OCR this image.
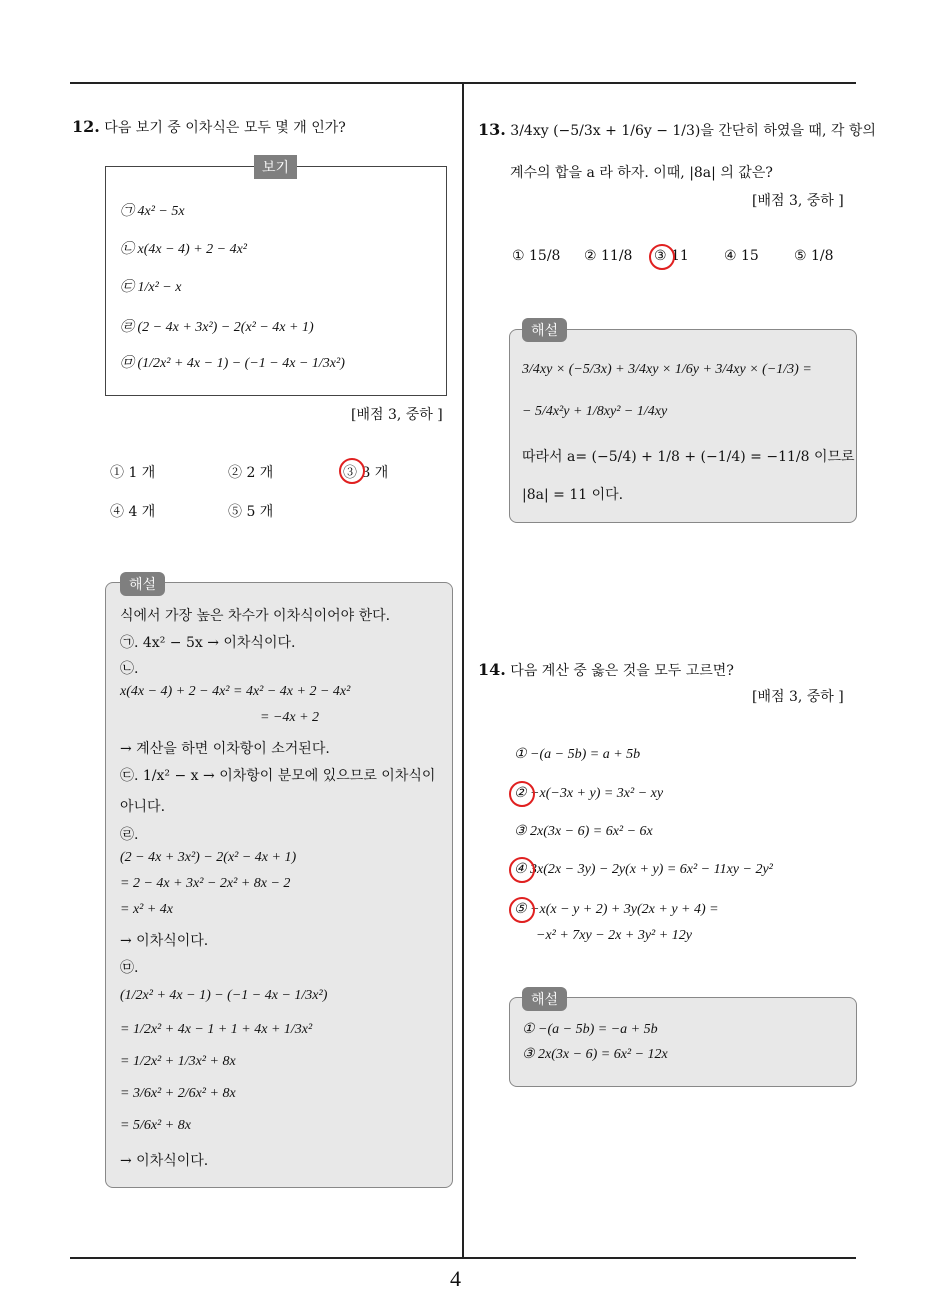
4
12. 다음 보기 중 이차식은 모두 몇 개 인가?
보기
㉠ 4x² − 5x
㉡ x(4x − 4) + 2 − 4x²
㉢ 1/x² − x
㉣ (2 − 4x + 3x²) − 2(x² − 4x + 1)
㉤ (1/2x² + 4x − 1) − (−1 − 4x − 1/3x²)
[배점 3, 중하 ]
① 1 개	② 2 개	③ 3 개
④ 4 개	⑤ 5 개
해설
식에서 가장 높은 차수가 이차식이어야 한다.
㉠. 4x² − 5x → 이차식이다.
㉡.
x(4x − 4) + 2 − 4x² = 4x² − 4x + 2 − 4x²
= −4x + 2
→ 계산을 하면 이차항이 소거된다.
㉢. 1/x² − x → 이차항이 분모에 있으므로 이차식이
아니다.
㉣.
(2 − 4x + 3x²) − 2(x² − 4x + 1)
= 2 − 4x + 3x² − 2x² + 8x − 2
= x² + 4x
→ 이차식이다.
㉤.
(1/2x² + 4x − 1) − (−1 − 4x − 1/3x²)
= 1/2x² + 4x − 1 + 1 + 4x + 1/3x²
= 1/2x² + 1/3x² + 8x
= 3/6x² + 2/6x² + 8x
= 5/6x² + 8x
→ 이차식이다.
13. 3/4xy (−5/3x + 1/6y − 1/3)을 간단히 하였을 때, 각 항의
계수의 합을 a 라 하자. 이때, |8a| 의 값은?
[배점 3, 중하 ]
① 15/8 ② 11/8 ③ 11	④ 15	⑤ 1/8
해설
3/4xy × (−5/3x) + 3/4xy × 1/6y + 3/4xy × (−1/3) =
− 5/4x²y + 1/8xy² − 1/4xy
따라서 a= (−5/4) + 1/8 + (−1/4) = −11/8 이므로
|8a| = 11 이다.
14. 다음 계산 중 옳은 것을 모두 고르면?
[배점 3, 중하 ]
① −(a − 5b) = a + 5b
② −x(−3x + y) = 3x² − xy
③ 2x(3x − 6) = 6x² − 6x
④ 3x(2x − 3y) − 2y(x + y) = 6x² − 11xy − 2y²
⑤ −x(x − y + 2) + 3y(2x + y + 4) =
−x² + 7xy − 2x + 3y² + 12y
해설
① −(a − 5b) = −a + 5b
③ 2x(3x − 6) = 6x² − 12x
